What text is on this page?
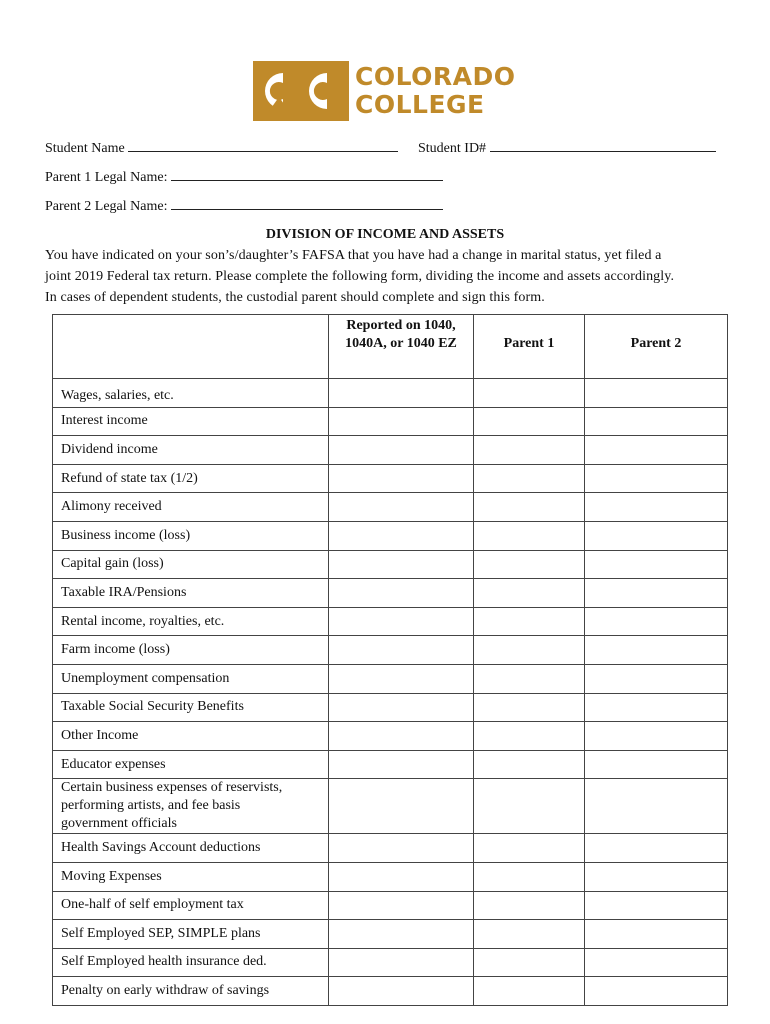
COLORADO
COLLEGE
Student Name	Student ID#
Parent 1 Legal Name:
Parent 2 Legal Name:
DIVISION OF INCOME AND ASSETS
You have indicated on your son’s/daughter’s FAFSA that you have had a change in marital status, yet filed a
joint 2019 Federal tax return. Please complete the following form, dividing the income and assets accordingly.
In cases of dependent students, the custodial parent should complete and sign this form.

	Reported on 1040,
1040A, or 1040 EZ	Parent 1	Parent 2
Wages, salaries, etc.			
Interest income			
Dividend income			
Refund of state tax (1/2)			
Alimony received			
Business income (loss)			
Capital gain (loss)			
Taxable IRA/Pensions			
Rental income, royalties, etc.			
Farm income (loss)			
Unemployment compensation			
Taxable Social Security Benefits			
Other Income			
Educator expenses			

Certain business expenses of reservists,
performing artists, and fee basis
government officials			

Health Savings Account deductions			
Moving Expenses			
One-half of self employment tax			
Self Employed SEP, SIMPLE plans			
Self Employed health insurance ded.			
Penalty on early withdraw of savings			
